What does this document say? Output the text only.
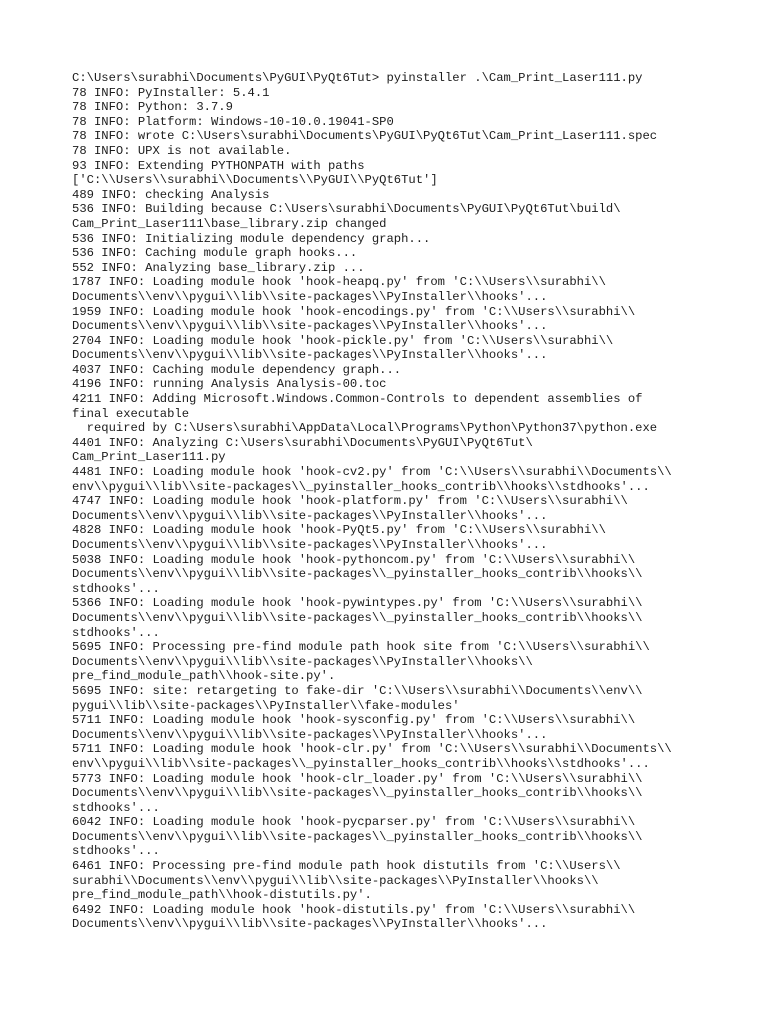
C:\Users\surabhi\Documents\PyGUI\PyQt6Tut> pyinstaller .\Cam_Print_Laser111.py
78 INFO: PyInstaller: 5.4.1
78 INFO: Python: 3.7.9
78 INFO: Platform: Windows-10-10.0.19041-SP0
78 INFO: wrote C:\Users\surabhi\Documents\PyGUI\PyQt6Tut\Cam_Print_Laser111.spec
78 INFO: UPX is not available.
93 INFO: Extending PYTHONPATH with paths
['C:\\Users\\surabhi\\Documents\\PyGUI\\PyQt6Tut']
489 INFO: checking Analysis
536 INFO: Building because C:\Users\surabhi\Documents\PyGUI\PyQt6Tut\build\
Cam_Print_Laser111\base_library.zip changed
536 INFO: Initializing module dependency graph...
536 INFO: Caching module graph hooks...
552 INFO: Analyzing base_library.zip ...
1787 INFO: Loading module hook 'hook-heapq.py' from 'C:\\Users\\surabhi\\
Documents\\env\\pygui\\lib\\site-packages\\PyInstaller\\hooks'...
1959 INFO: Loading module hook 'hook-encodings.py' from 'C:\\Users\\surabhi\\
Documents\\env\\pygui\\lib\\site-packages\\PyInstaller\\hooks'...
2704 INFO: Loading module hook 'hook-pickle.py' from 'C:\\Users\\surabhi\\
Documents\\env\\pygui\\lib\\site-packages\\PyInstaller\\hooks'...
4037 INFO: Caching module dependency graph...
4196 INFO: running Analysis Analysis-00.toc
4211 INFO: Adding Microsoft.Windows.Common-Controls to dependent assemblies of
final executable
required by C:\Users\surabhi\AppData\Local\Programs\Python\Python37\python.exe
4401 INFO: Analyzing C:\Users\surabhi\Documents\PyGUI\PyQt6Tut\
Cam_Print_Laser111.py
4481 INFO: Loading module hook 'hook-cv2.py' from 'C:\\Users\\surabhi\\Documents\\
env\\pygui\\lib\\site-packages\\_pyinstaller_hooks_contrib\\hooks\\stdhooks'...
4747 INFO: Loading module hook 'hook-platform.py' from 'C:\\Users\\surabhi\\
Documents\\env\\pygui\\lib\\site-packages\\PyInstaller\\hooks'...
4828 INFO: Loading module hook 'hook-PyQt5.py' from 'C:\\Users\\surabhi\\
Documents\\env\\pygui\\lib\\site-packages\\PyInstaller\\hooks'...
5038 INFO: Loading module hook 'hook-pythoncom.py' from 'C:\\Users\\surabhi\\
Documents\\env\\pygui\\lib\\site-packages\\_pyinstaller_hooks_contrib\\hooks\\
stdhooks'...
5366 INFO: Loading module hook 'hook-pywintypes.py' from 'C:\\Users\\surabhi\\
Documents\\env\\pygui\\lib\\site-packages\\_pyinstaller_hooks_contrib\\hooks\\
stdhooks'...
5695 INFO: Processing pre-find module path hook site from 'C:\\Users\\surabhi\\
Documents\\env\\pygui\\lib\\site-packages\\PyInstaller\\hooks\\
pre_find_module_path\\hook-site.py'.
5695 INFO: site: retargeting to fake-dir 'C:\\Users\\surabhi\\Documents\\env\\
pygui\\lib\\site-packages\\PyInstaller\\fake-modules'
5711 INFO: Loading module hook 'hook-sysconfig.py' from 'C:\\Users\\surabhi\\
Documents\\env\\pygui\\lib\\site-packages\\PyInstaller\\hooks'...
5711 INFO: Loading module hook 'hook-clr.py' from 'C:\\Users\\surabhi\\Documents\\
env\\pygui\\lib\\site-packages\\_pyinstaller_hooks_contrib\\hooks\\stdhooks'...
5773 INFO: Loading module hook 'hook-clr_loader.py' from 'C:\\Users\\surabhi\\
Documents\\env\\pygui\\lib\\site-packages\\_pyinstaller_hooks_contrib\\hooks\\
stdhooks'...
6042 INFO: Loading module hook 'hook-pycparser.py' from 'C:\\Users\\surabhi\\
Documents\\env\\pygui\\lib\\site-packages\\_pyinstaller_hooks_contrib\\hooks\\
stdhooks'...
6461 INFO: Processing pre-find module path hook distutils from 'C:\\Users\\
surabhi\\Documents\\env\\pygui\\lib\\site-packages\\PyInstaller\\hooks\\
pre_find_module_path\\hook-distutils.py'.
6492 INFO: Loading module hook 'hook-distutils.py' from 'C:\\Users\\surabhi\\
Documents\\env\\pygui\\lib\\site-packages\\PyInstaller\\hooks'...
